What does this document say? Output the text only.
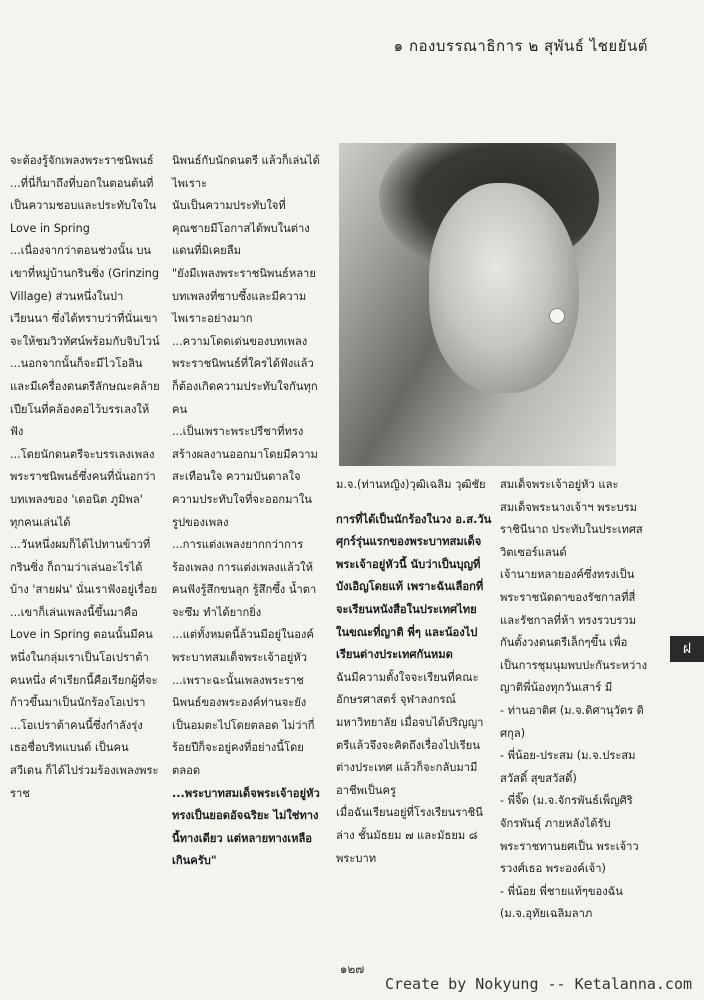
๑ กองบรรณาธิการ ๒ สุพันธ์ ไชยยันต์

จะต้องรู้จักเพลงพระราชนิพนธ์

...ที่นี่ก็มาถึงที่บอกในตอนต้นที่เป็นความชอบและประทับใจใน Love in Spring

...เนื่องจากว่าตอนช่วงนั้น บนเขาที่หมู่บ้านกรินซิ่ง (Grinzing Village) ส่วนหนึ่งในปาเวียนนา ซึ่งได้ทราบว่าที่นั่นเขาจะให้ชมวิวทัศน์พร้อมกับจิบไวน์

...นอกจากนั้นก็จะมีไวโอลิน และมีเครื่องดนตรีลักษณะคล้ายเปียโนที่คล้องคอไว้บรรเลงให้ฟัง

...โดยนักดนตรีจะบรรเลงเพลงพระราชนิพนธ์ซึ่งคนที่นั่นอกว่าบทเพลงของ 'เดอนิต ภูมิพล' ทุกคนเล่นได้

...วันหนึ่งผมก็ได้ไปทานข้าวที่กรินซิ่ง ก็ถามว่าเล่นอะไรได้บ้าง 'สายฝน' นั่นเราฟังอยู่เรื่อย

...เขาก็เล่นเพลงนี้ขึ้นมาคือ Love in Spring ตอนนั้นมีคนหนึ่งในกลุ่มเราเป็นโอเปราต้าคนหนึ่ง คำเรียกนี้คือเรียกผู้ที่จะก้าวขึ้นมาเป็นนักร้องโอเปรา

...โอเปราต้าคนนี้ซึ่งกำลังรุ่ง เธอชื่อบริทแบนด์ เป็นคนสวีเดน ก็ได้ไปร่วมร้องเพลงพระราช

นิพนธ์กับนักดนตรี แล้วก็เล่นได้ไพเราะ

นับเป็นความประทับใจที่คุณชายมีโอกาสได้พบในต่างแดนที่มิเคยลืม

"ยังมีเพลงพระราชนิพนธ์หลายบทเพลงที่ซาบซึ้งและมีความไพเราะอย่างมาก

...ความโดดเด่นของบทเพลงพระราชนิพนธ์ที่ใครได้ฟังแล้วก็ต้องเกิดความประทับใจกันทุกคน

...เป็นเพราะพระปรีชาที่ทรงสร้างผลงานออกมาโดยมีความสะเทือนใจ ความบันดาลใจ ความประทับใจที่จะออกมาในรูปของเพลง

...การแต่งเพลงยากกว่าการร้องเพลง การแต่งเพลงแล้วให้คนฟังรู้สึกขนลุก รู้สึกซึ้ง น้ำตาจะซึม ทำได้ยากยิ่ง

...แต่ทั้งหมดนี้ล้วนมีอยู่ในองค์พระบาทสมเด็จพระเจ้าอยู่หัว

...เพราะฉะนั้นเพลงพระราชนิพนธ์ของพระองค์ท่านจะยังเป็นอมตะไปโดยตลอด ไม่ว่ากี่ร้อยปีก็จะอยู่คงที่อย่างนี้โดยตลอด

...พระบาทสมเด็จพระเจ้าอยู่หัวทรงเป็นยอดอัจฉริยะ ไม่ใช่ทางนี้ทางเดียว แต่หลายทางเหลือเกินครับ"

ม.จ.(ท่านหญิง)วุฒิเฉลิม วุฒิชัย

การที่ได้เป็นนักร้องในวง อ.ส.วันศุกร์รุ่นแรกของพระบาทสมเด็จพระเจ้าอยู่หัวนี้ นับว่าเป็นบุญที่บังเอิญโดยแท้ เพราะฉันเลือกที่จะเรียนหนังสือในประเทศไทย ในขณะที่ญาติ พี่ๆ และน้องไปเรียนต่างประเทศกันหมด

ฉันมีความตั้งใจจะเรียนที่คณะอักษรศาสตร์ จุฬาลงกรณ์มหาวิทยาลัย เมื่อจบได้ปริญญาตรีแล้วจึงจะคิดถึงเรื่องไปเรียนต่างประเทศ แล้วก็จะกลับมามีอาชีพเป็นครู

เมื่อฉันเรียนอยู่ที่โรงเรียนราชินีล่าง ชั้นมัธยม ๗ และมัธยม ๘ พระบาท

สมเด็จพระเจ้าอยู่หัว และสมเด็จพระนางเจ้าฯ พระบรมราชินีนาถ ประทับในประเทศสวิตเซอร์แลนด์

เจ้านายหลายองค์ซึ่งทรงเป็นพระราชนัดดาของรัชกาลที่สี่และรัชกาลที่ห้า ทรงรวบรวมกันตั้งวงดนตรีเล็กๆขึ้น เพื่อเป็นการชุมนุมพบปะกันระหว่างญาติพี่น้องทุกวันเสาร์ มี

- ท่านอาติศ (ม.จ.ดิศานุวัตร ดิศกุล)

- พี่น้อย-ประสม (ม.จ.ประสมสวัสดิ์ สุขสวัสดิ์)

- พี่จิ๊ด (ม.จ.จักรพันธ์เพ็ญศิริ จักรพันธุ์ ภายหลังได้รับพระราชทานยศเป็น พระเจ้าวรวงศ์เธอ พระองค์เจ้า)

- พี่น้อย พี่ชายแท้ๆของฉัน (ม.จ.อุทัยเฉลิมลาภ

ฝ
๑๒๗
Create by Nokyung -- Ketalanna.com
